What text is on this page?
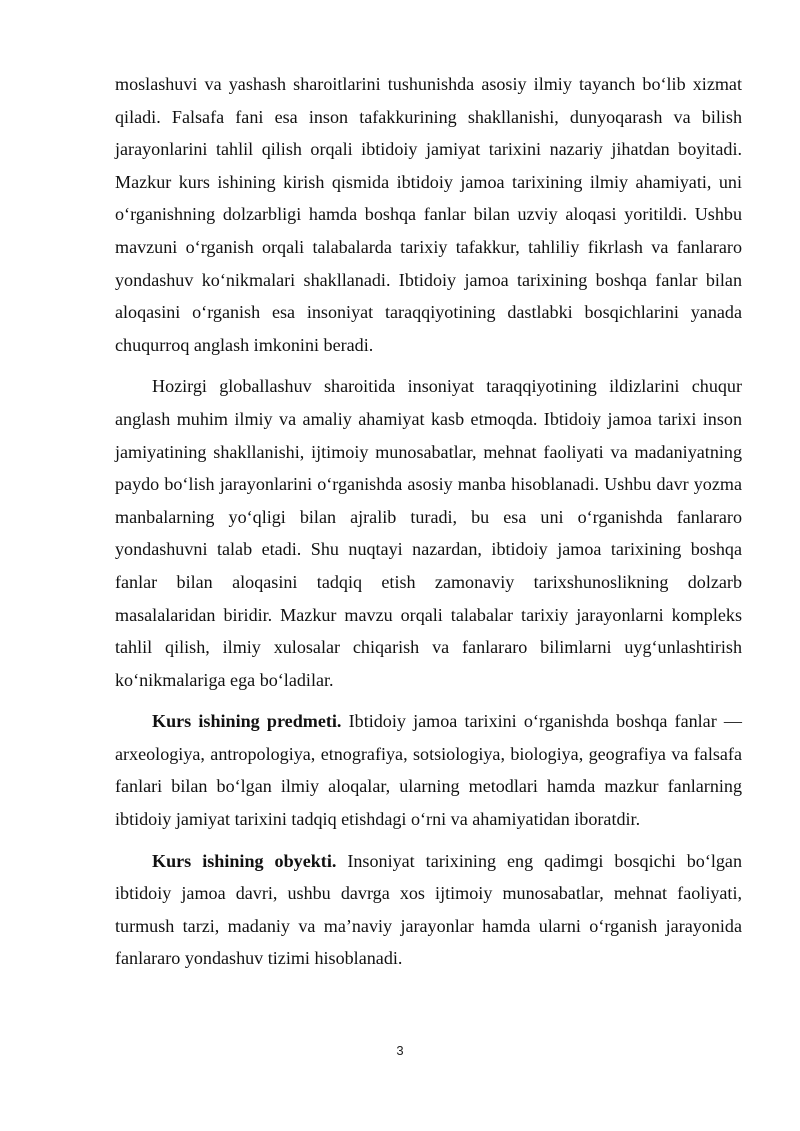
moslashuvi va yashash sharoitlarini tushunishda asosiy ilmiy tayanch bo‘lib xizmat qiladi. Falsafa fani esa inson tafakkurining shakllanishi, dunyoqarash va bilish jarayonlarini tahlil qilish orqali ibtidoiy jamiyat tarixini nazariy jihatdan boyitadi. Mazkur kurs ishining kirish qismida ibtidoiy jamoa tarixining ilmiy ahamiyati, uni o‘rganishning dolzarbligi hamda boshqa fanlar bilan uzviy aloqasi yoritildi. Ushbu mavzuni o‘rganish orqali talabalarda tarixiy tafakkur, tahliliy fikrlash va fanlararo yondashuv ko‘nikmalari shakllanadi. Ibtidoiy jamoa tarixining boshqa fanlar bilan aloqasini o‘rganish esa insoniyat taraqqiyotining dastlabki bosqichlarini yanada chuqurroq anglash imkonini beradi.

Hozirgi globallashuv sharoitida insoniyat taraqqiyotining ildizlarini chuqur anglash muhim ilmiy va amaliy ahamiyat kasb etmoqda. Ibtidoiy jamoa tarixi inson jamiyatining shakllanishi, ijtimoiy munosabatlar, mehnat faoliyati va madaniyatning paydo bo‘lish jarayonlarini o‘rganishda asosiy manba hisoblanadi. Ushbu davr yozma manbalarning yo‘qligi bilan ajralib turadi, bu esa uni o‘rganishda fanlararo yondashuvni talab etadi. Shu nuqtayi nazardan, ibtidoiy jamoa tarixining boshqa fanlar bilan aloqasini tadqiq etish zamonaviy tarixshunoslikning dolzarb masalalaridan biridir. Mazkur mavzu orqali talabalar tarixiy jarayonlarni kompleks tahlil qilish, ilmiy xulosalar chiqarish va fanlararo bilimlarni uyg‘unlashtirish ko‘nikmalariga ega bo‘ladilar.

Kurs ishining predmeti. Ibtidoiy jamoa tarixini o‘rganishda boshqa fanlar — arxeologiya, antropologiya, etnografiya, sotsiologiya, biologiya, geografiya va falsafa fanlari bilan bo‘lgan ilmiy aloqalar, ularning metodlari hamda mazkur fanlarning ibtidoiy jamiyat tarixini tadqiq etishdagi o‘rni va ahamiyatidan iboratdir.

Kurs ishining obyekti. Insoniyat tarixining eng qadimgi bosqichi bo‘lgan ibtidoiy jamoa davri, ushbu davrga xos ijtimoiy munosabatlar, mehnat faoliyati, turmush tarzi, madaniy va ma’naviy jarayonlar hamda ularni o‘rganish jarayonida fanlararo yondashuv tizimi hisoblanadi.

3
